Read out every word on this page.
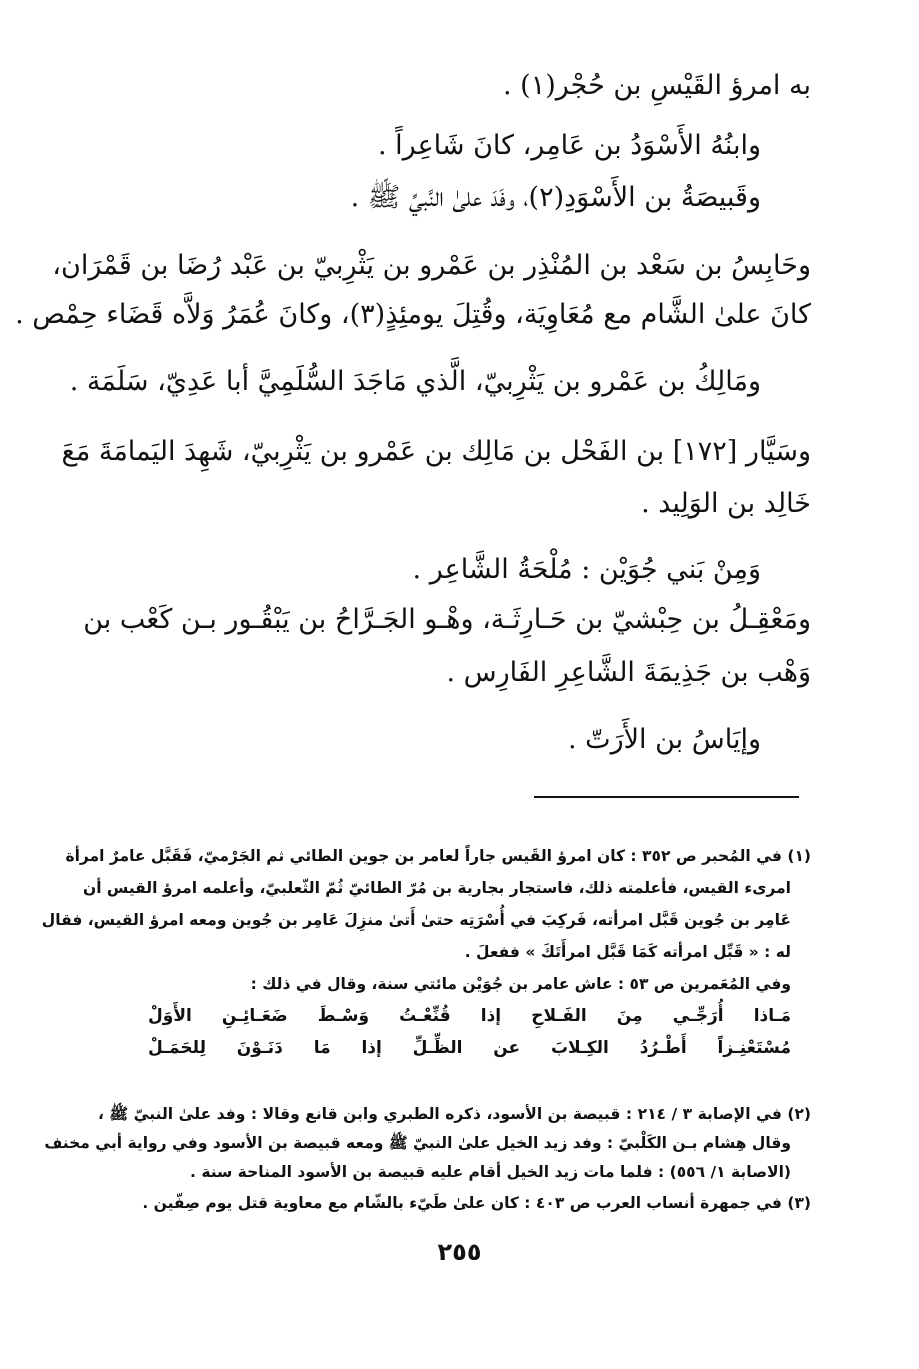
به امرؤ القَيْسِ بن حُجْر(١) .
وابنُهُ الأَسْوَدُ بن عَامِر، كانَ شَاعِراً .
وقَبيصَةُ بن الأَسْوَدِ(٢)، وفَدَ علىٰ النَّبيِّ ﷺ .
وحَابِسُ بن سَعْد بن المُنْذِر بن عَمْرو بن يَثْرِبيّ بن عَبْد رُضَا بن قَمْرَان،
كانَ علىٰ الشَّام مع مُعَاوِيَة، وقُتِلَ يومئِذٍ(٣)، وكانَ عُمَرُ وَلاَّه قَضَاء حِمْص .
ومَالِكُ بن عَمْرو بن يَثْرِبيّ، الَّذي مَاجَدَ السُّلَمِيَّ أبا عَدِيّ، سَلَمَة .
وسَيَّار [١٧٢] بن الفَحْل بن مَالِك بن عَمْرو بن يَثْرِبيّ، شَهِدَ اليَمامَةَ مَعَ
خَالِد بن الوَلِيد .
وَمِنْ بَني جُوَيْن : مُلْحَةُ الشَّاعِر .
ومَعْقِـلُ بن حِبْشيّ بن حَـارِثَـة، وهْـو الجَـرَّاحُ بن يَبْقُـور بـن كَعْب بن
وَهْب بن جَذِيمَةَ الشَّاعِرِ الفَارِس .
وإيَاسُ بن الأَرَتّ .
(١) في المُحبر ص ٣٥٢ : كان امرؤ القَيس جاراً لعامر بن جوين الطائي ثم الجَرْميّ، فَقَبَّل عامرٌ امرأة
امرىء القيس، فأعلمته ذلك، فاستجار بجارية بن مُرّ الطائيّ ثُمّ الثّعلبيّ، وأعلمه امرؤ القيس أن
عَامِر بن جُوين قَبَّل امرأته، فَركِبَ في أُسْرَتِه حتىٰ أَتىٰ منزِلَ عَامِر بن جُوين ومعه امرؤ القيس، فقال
له : « قَبِّل امرأته كَمَا قَبَّل امرأَتَكَ » ففعلَ .
وفي المُعَمرين ص ٥٣ : عاش عامر بن جُوَيْن مائتي سنة، وقال في ذلك :
مَـاذا أُرَجِّـي مِنَ الفَـلاحِ إذا قُنِّعْـتُ وَسْـطَ ضَعَـائِـنِ الأَوَلْ
مُسْتَعْنِـزاً أَطْـرُدُ الكِـلابَ عن الظِّـلِّ إذا مَا دَنَـوْنَ لِلحَمَـلْ
(٢) في الإصابة ٣ / ٢١٤ : قبيصة بن الأسود، ذكره الطبري وابن قانع وقالا : وفد علىٰ النبيّ ﷺ ،
وقال هِشام بـن الكَلْبيّ : وفد زيد الخيل علىٰ النبيّ ﷺ ومعه قبيصة بن الأسود وفي رواية أبي مخنف
(الاصابة ١/ ٥٥٦) : فلما مات زيد الخيل أقام عليه قبيصة بن الأسود المناحة سنة .
(٣) في جمهرة أنساب العرب ص ٤٠٣ : كان علىٰ طَيّء بالشّام مع معاوية قتل يوم صِفّين .
٢٥٥
